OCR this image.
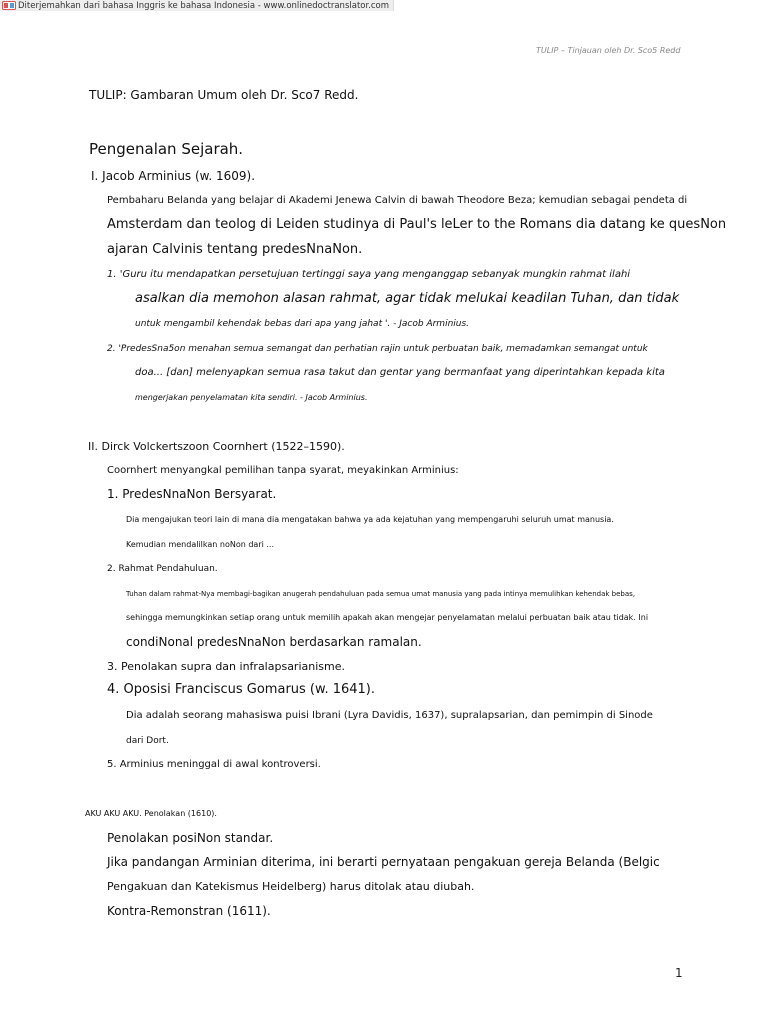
Diterjemahkan dari bahasa Inggris ke bahasa Indonesia - www.onlinedoctranslator.com

TULIP – Tinjauan oleh Dr. Sco5 Redd

TULIP: Gambaran Umum oleh Dr. Sco7 Redd.

Pengenalan Sejarah.

I. Jacob Arminius (w. 1609).

Pembaharu Belanda yang belajar di Akademi Jenewa Calvin di bawah Theodore Beza; kemudian sebagai pendeta di

Amsterdam dan teolog di Leiden studinya di Paul's leLer to the Romans dia datang ke quesNon

ajaran Calvinis tentang predesNnaNon.

1. 'Guru itu mendapatkan persetujuan tertinggi saya yang menganggap sebanyak mungkin rahmat ilahi

asalkan dia memohon alasan rahmat, agar tidak melukai keadilan Tuhan, dan tidak

untuk mengambil kehendak bebas dari apa yang jahat '. - Jacob Arminius.

2. 'PredesSna5on menahan semua semangat dan perhatian rajin untuk perbuatan baik, memadamkan semangat untuk

doa... [dan] melenyapkan semua rasa takut dan gentar yang bermanfaat yang diperintahkan kepada kita

mengerjakan penyelamatan kita sendiri. - Jacob Arminius.

II. Dirck Volckertszoon Coornhert (1522–1590).

Coornhert menyangkal pemilihan tanpa syarat, meyakinkan Arminius:

1. PredesNnaNon Bersyarat.

Dia mengajukan teori lain di mana dia mengatakan bahwa ya ada kejatuhan yang mempengaruhi seluruh umat manusia.

Kemudian mendalilkan noNon dari ...

2. Rahmat Pendahuluan.

Tuhan dalam rahmat-Nya membagi-bagikan anugerah pendahuluan pada semua umat manusia yang pada intinya memulihkan kehendak bebas,

sehingga memungkinkan setiap orang untuk memilih apakah akan mengejar penyelamatan melalui perbuatan baik atau tidak. Ini

condiNonal predesNnaNon berdasarkan ramalan.

3. Penolakan supra dan infralapsarianisme.

4. Oposisi Franciscus Gomarus (w. 1641).

Dia adalah seorang mahasiswa puisi Ibrani (Lyra Davidis, 1637), supralapsarian, dan pemimpin di Sinode

dari Dort.

5. Arminius meninggal di awal kontroversi.

AKU AKU AKU. Penolakan (1610).

Penolakan posiNon standar.

Jika pandangan Arminian diterima, ini berarti pernyataan pengakuan gereja Belanda (Belgic

Pengakuan dan Katekismus Heidelberg) harus ditolak atau diubah.

Kontra-Remonstran (1611).

1
